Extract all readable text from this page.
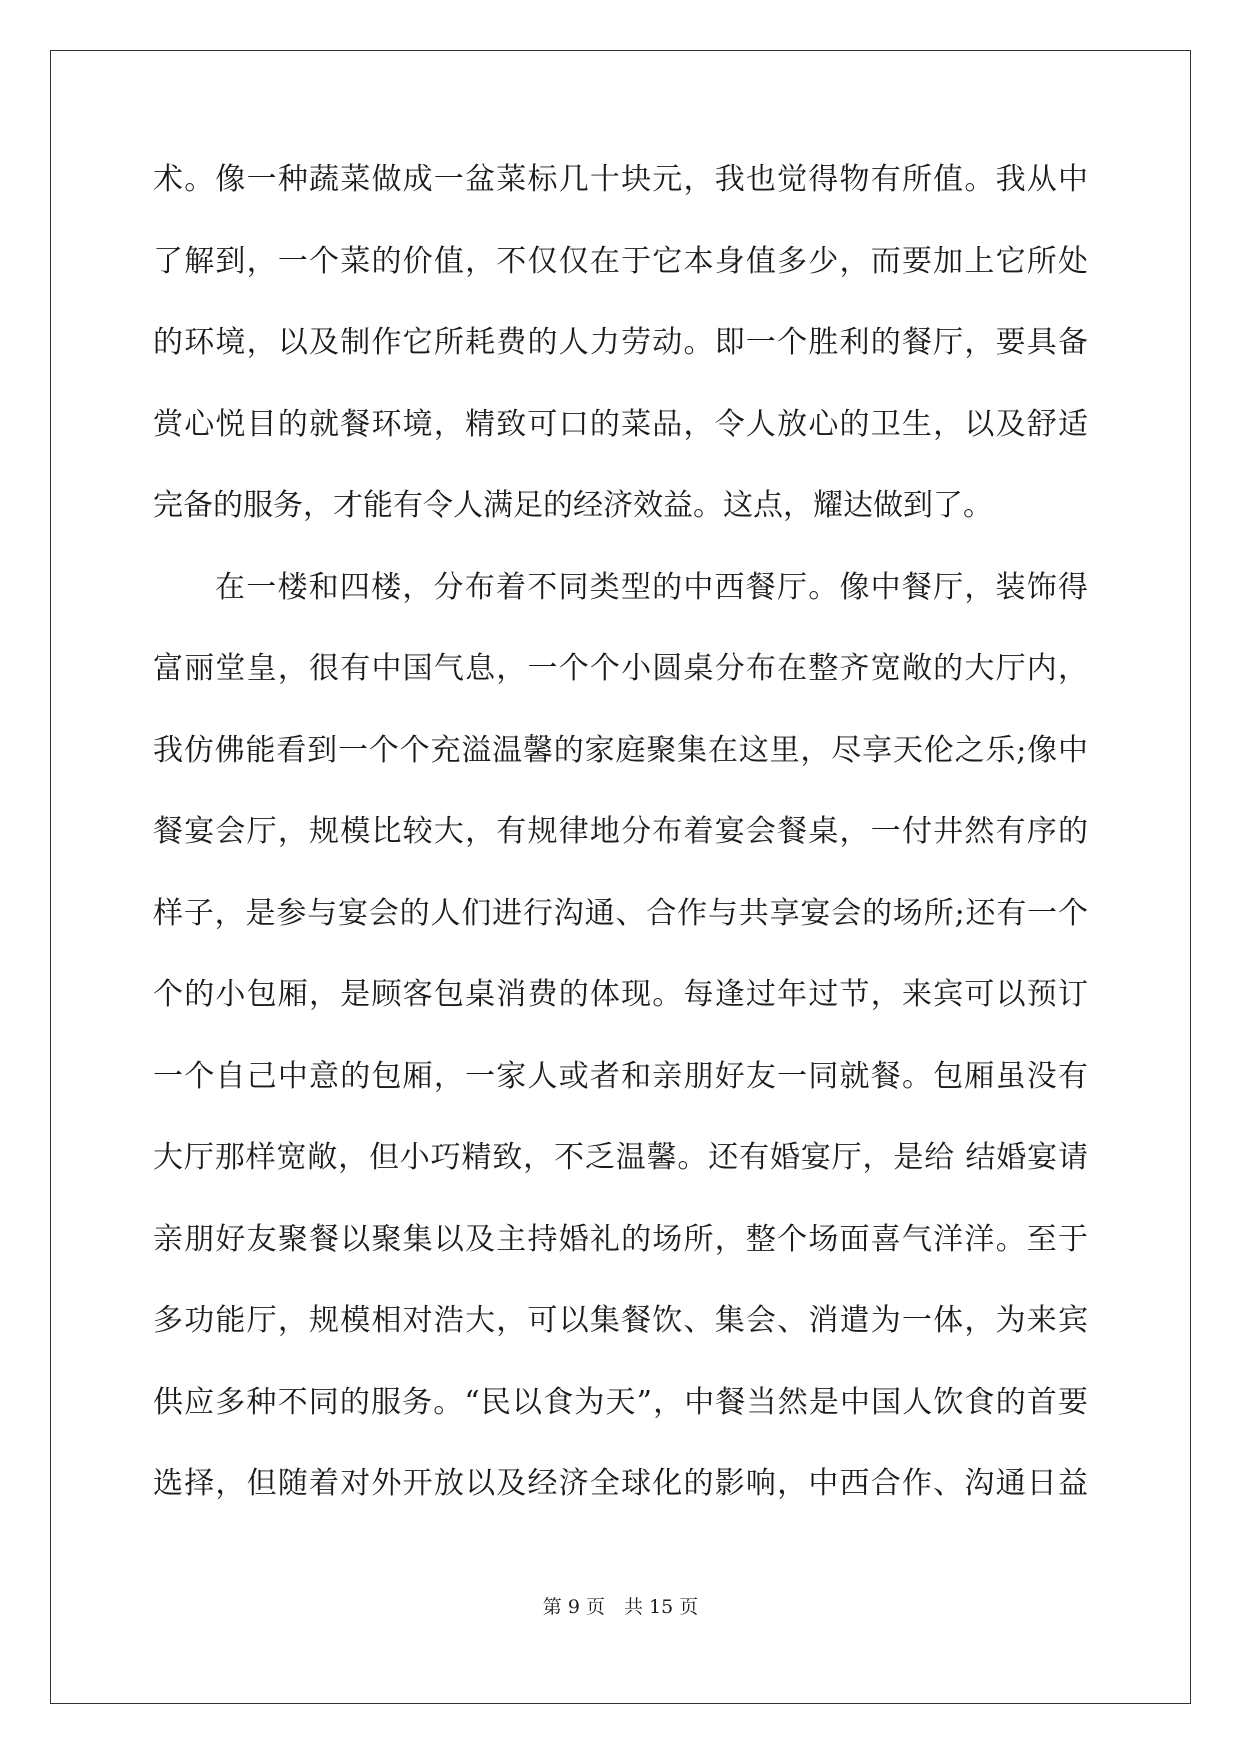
术。像一种蔬菜做成一盆菜标几十块元，我也觉得物有所值。我从中
了解到，一个菜的价值，不仅仅在于它本身值多少，而要加上它所处
的环境，以及制作它所耗费的人力劳动。即一个胜利的餐厅，要具备
赏心悦目的就餐环境，精致可口的菜品，令人放心的卫生，以及舒适
完备的服务，才能有令人满足的经济效益。这点，耀达做到了。
在一楼和四楼，分布着不同类型的中西餐厅。像中餐厅，装饰得
富丽堂皇，很有中国气息，一个个小圆桌分布在整齐宽敞的大厅内，
我仿佛能看到一个个充溢温馨的家庭聚集在这里，尽享天伦之乐;像中
餐宴会厅，规模比较大，有规律地分布着宴会餐桌，一付井然有序的
样子，是参与宴会的人们进行沟通、合作与共享宴会的场所;还有一个
个的小包厢，是顾客包桌消费的体现。每逢过年过节，来宾可以预订
一个自己中意的包厢，一家人或者和亲朋好友一同就餐。包厢虽没有
大厅那样宽敞，但小巧精致，不乏温馨。还有婚宴厅，是给 结婚宴请
亲朋好友聚餐以聚集以及主持婚礼的场所，整个场面喜气洋洋。至于
多功能厅，规模相对浩大，可以集餐饮、集会、消遣为一体，为来宾
供应多种不同的服务。“民以食为天”，中餐当然是中国人饮食的首要
选择，但随着对外开放以及经济全球化的影响，中西合作、沟通日益
第 9 页　共 15 页
